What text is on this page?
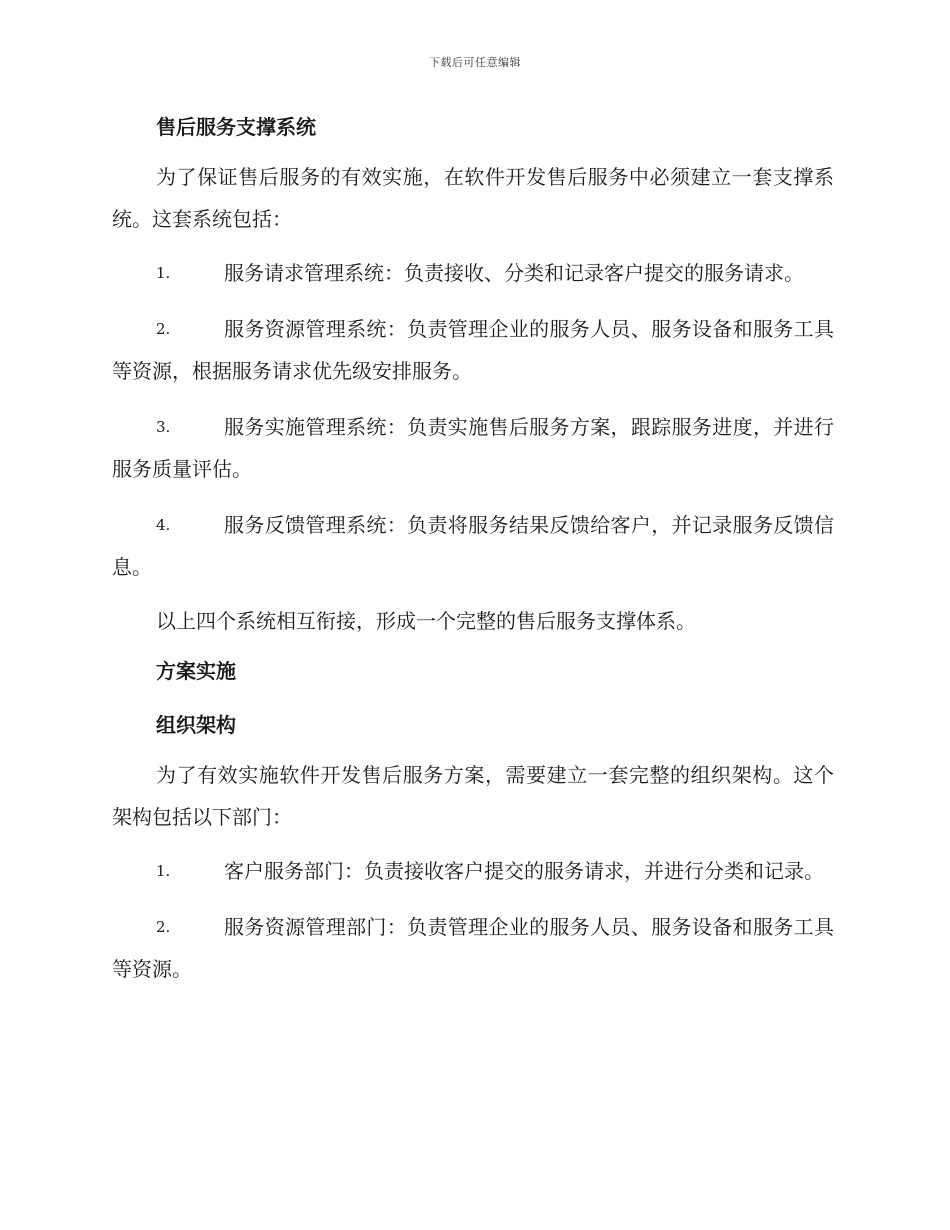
下载后可任意编辑
售后服务支撑系统

为了保证售后服务的有效实施，在软件开发售后服务中必须建立一套支撑系统。这套系统包括：

1.	服务请求管理系统：负责接收、分类和记录客户提交的服务请求。

2.	服务资源管理系统：负责管理企业的服务人员、服务设备和服务工具等资源，根据服务请求优先级安排服务。

3.	服务实施管理系统：负责实施售后服务方案，跟踪服务进度，并进行服务质量评估。

4.	服务反馈管理系统：负责将服务结果反馈给客户，并记录服务反馈信息。

以上四个系统相互衔接，形成一个完整的售后服务支撑体系。

方案实施
组织架构

为了有效实施软件开发售后服务方案，需要建立一套完整的组织架构。这个架构包括以下部门：

1.	客户服务部门：负责接收客户提交的服务请求，并进行分类和记录。

2.	服务资源管理部门：负责管理企业的服务人员、服务设备和服务工具等资源。
